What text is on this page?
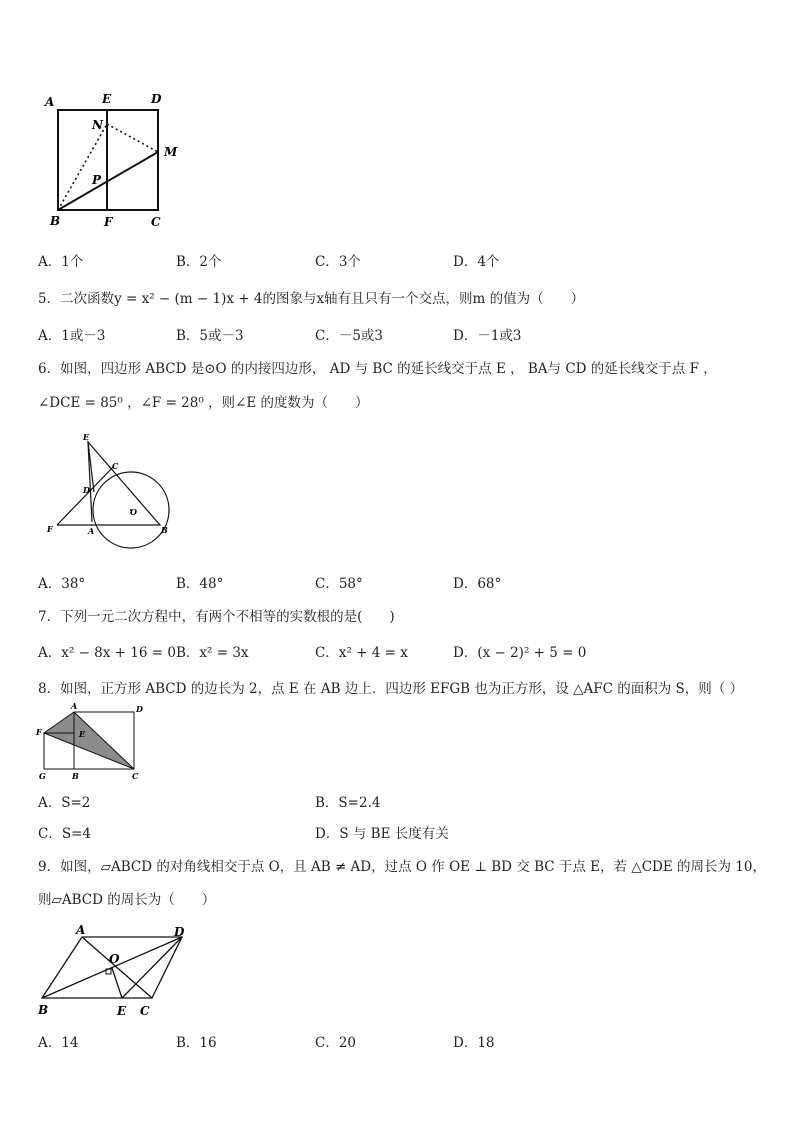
A	E	D
N
M
P
B	F	C
A．1个	B．2个	C．3个	D．4个
5．二次函数y = x² − (m − 1)x + 4的图象与x轴有且只有一个交点，则m 的值为（　　）
A．1或－3	B．5或－3	C．－5或3	D．－1或3
6．如图，四边形 ABCD 是⊙O 的内接四边形， AD 与 BC 的延长线交于点 E ， BA与 CD 的延长线交于点 F ，
∠DCE = 85⁰ ，∠F = 28⁰ ，则∠E 的度数为（　　）
E
C
D
O
F	A	B
A．38°	B．48°	C．58°	D．68°
7．下列一元二次方程中，有两个不相等的实数根的是(　　)
A．x² − 8x + 16 = 0 B．x² = 3x	C．x² + 4 = x	D．(x − 2)² + 5 = 0
8．如图，正方形 ABCD 的边长为 2，点 E 在 AB 边上．四边形 EFGB 也为正方形，设 △AFC 的面积为 S，则（ ）
A	D
F	E
G	B	C
A．S=2	B．S=2.4
C．S=4	D．S 与 BE 长度有关
9．如图，▱ABCD 的对角线相交于点 O，且 AB ≠ AD，过点 O 作 OE ⊥ BD 交 BC 于点 E，若 △CDE 的周长为 10，
则▱ABCD 的周长为（　　）
A	D
O
B	E C
A．14	B．16	C．20	D．18
